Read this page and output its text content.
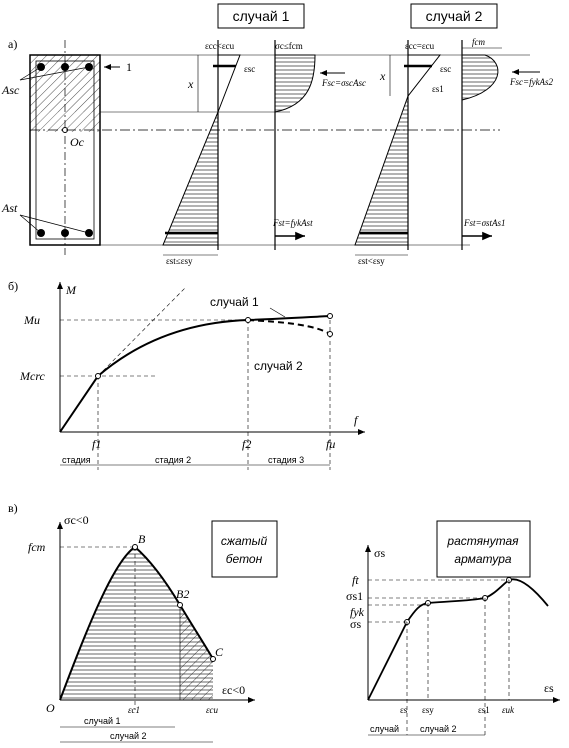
а)
случай 1	случай 2
Oc
Asc
Ast
1
εcc<εcu
εsc
x
εst≤εsy
σc≤fcm
Fsc=σscAsc
Fst=fykAst
εcc=εcu
εsc
εs1
x
εst<εsy
fcm
Fsc=fykAs2
Fst=σstAs1
б)	M
f
Mu
Mcrc
f1	f2	fu
случай 1
случай 2
стадия	стадия 2	стадия 3
в)
σc<0
εc<0
O
fcm
B
B2
C
εc1	εcu
случай 1
случай 2
сжатый
бетон	σs
εs
ft
σs1
fyk
σs
εs εsy	εs1 εuk
случай случай 2
растянутая
арматура
